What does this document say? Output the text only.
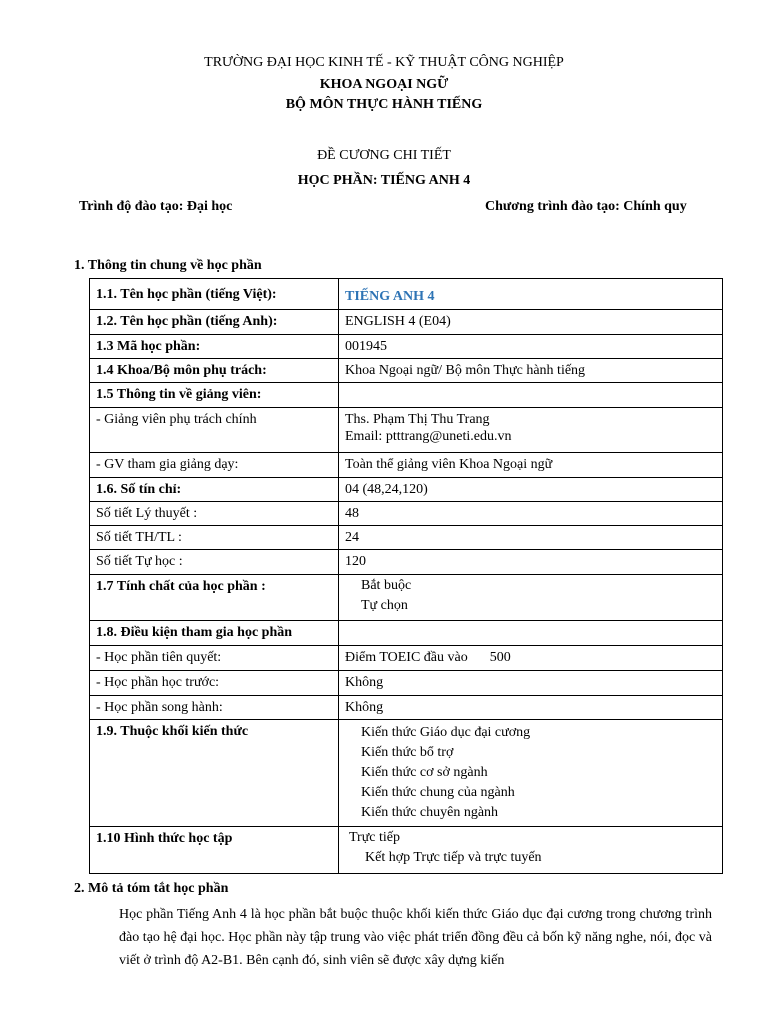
TRƯỜNG ĐẠI HỌC KINH TẾ - KỸ THUẬT CÔNG NGHIỆP
KHOA NGOẠI NGỮ
BỘ MÔN THỰC HÀNH TIẾNG
ĐỀ CƯƠNG CHI TIẾT
HỌC PHẦN: TIẾNG ANH 4
Trình độ đào tạo: Đại học	Chương trình đào tạo: Chính quy
1. Thông tin chung về học phần
1.1. Tên học phần (tiếng Việt):	TIẾNG ANH 4
1.2. Tên học phần (tiếng Anh):	ENGLISH 4 (E04)
1.3 Mã học phần:	001945
1.4 Khoa/Bộ môn phụ trách:	Khoa Ngoại ngữ/ Bộ môn Thực hành tiếng
1.5 Thông tin về giảng viên:	
- Giảng viên phụ trách chính	Ths. Phạm Thị Thu Trang
Email: ptttrang@uneti.edu.vn

- GV tham gia giảng dạy:	Toàn thể giảng viên Khoa Ngoại ngữ
1.6. Số tín chỉ:	04 (48,24,120)
Số tiết Lý thuyết :	48
Số tiết TH/TL :	24
Số tiết Tự học :	120
1.7 Tính chất của học phần :	Bắt buộc
Tự chọn

1.8. Điều kiện tham gia học phần	
- Học phần tiên quyết:	Điểm TOEIC đầu vào 500
- Học phần học trước:	Không
- Học phần song hành:	Không
1.9. Thuộc khối kiến thức	Kiến thức Giáo dục đại cương
Kiến thức bổ trợ
Kiến thức cơ sở ngành
Kiến thức chung của ngành
Kiến thức chuyên ngành

1.10 Hình thức học tập	Trực tiếp
Kết hợp Trực tiếp và trực tuyến
2. Mô tả tóm tắt học phần
Học phần Tiếng Anh 4 là học phần bắt buộc thuộc khối kiến thức Giáo dục đại cương trong chương trình đào tạo hệ đại học. Học phần này tập trung vào việc phát triển đồng đều cả bốn kỹ năng nghe, nói, đọc và viết ở trình độ A2-B1. Bên cạnh đó, sinh viên sẽ được xây dựng kiến
